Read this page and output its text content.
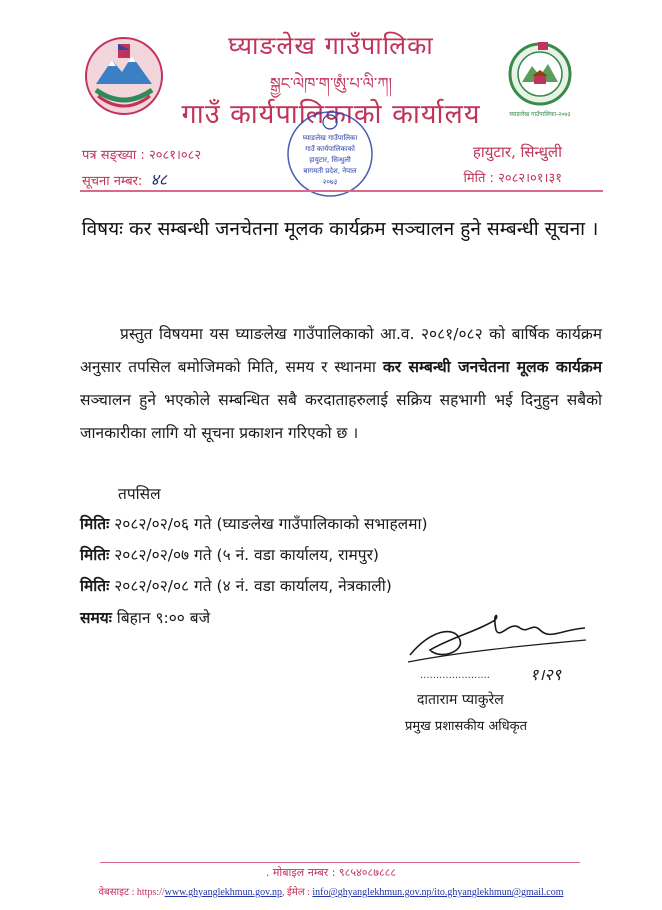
घ्याङलेख गाउँपालिका
སྒྱང་ལེཁ་ག་ཨུཾ་པ་ལི་ཀ།
गाउँ कार्यपालिकाको कार्यालय	घ्याङलेख गाउँपालिका-२०७३
घ्याङलेख गाउँपालिका
गाउँ कार्यपालिकाको
हायुटार, सिन्धुली
बागमती प्रदेश, नेपाल
२०७३
पत्र सङ्ख्या : २०८१।०८२
सूचना नम्बर: ४८
हायुटार, सिन्धुली
मिति : २०८२।०१।३१
विषयः कर सम्बन्धी जनचेतना मूलक कार्यक्रम सञ्चालन हुने सम्बन्धी सूचना ।
प्रस्तुत विषयमा यस घ्याङलेख गाउँपालिकाको आ.व. २०८१/०८२ को बार्षिक कार्यक्रम अनुसार तपसिल बमोजिमको मिति, समय र स्थानमा कर सम्बन्धी जनचेतना मूलक कार्यक्रम सञ्चालन हुने भएकोले सम्बन्धित सबै करदाताहरुलाई सक्रिय सहभागी भई दिनुहुन सबैको जानकारीका लागि यो सूचना प्रकाशन गरिएको छ ।
तपसिल
मितिः २०८२/०२/०६ गते (घ्याङलेख गाउँपालिकाको सभाहलमा)
मितिः २०८२/०२/०७ गते (५ नं. वडा कार्यालय, रामपुर)
मितिः २०८२/०२/०८ गते (४ नं. वडा कार्यालय, नेत्रकाली)
समयः बिहान ९:०० बजे
......................	१।२९
दाताराम प्याकुरेल
प्रमुख प्रशासकीय अधिकृत
. मोबाइल नम्बर : ९८५४०८७८८८
वेबसाइट : https://www.ghyanglekhmun.gov.np, ईमेल : info@ghyanglekhmun.gov.np/ito.ghyanglekhmun@gmail.com
